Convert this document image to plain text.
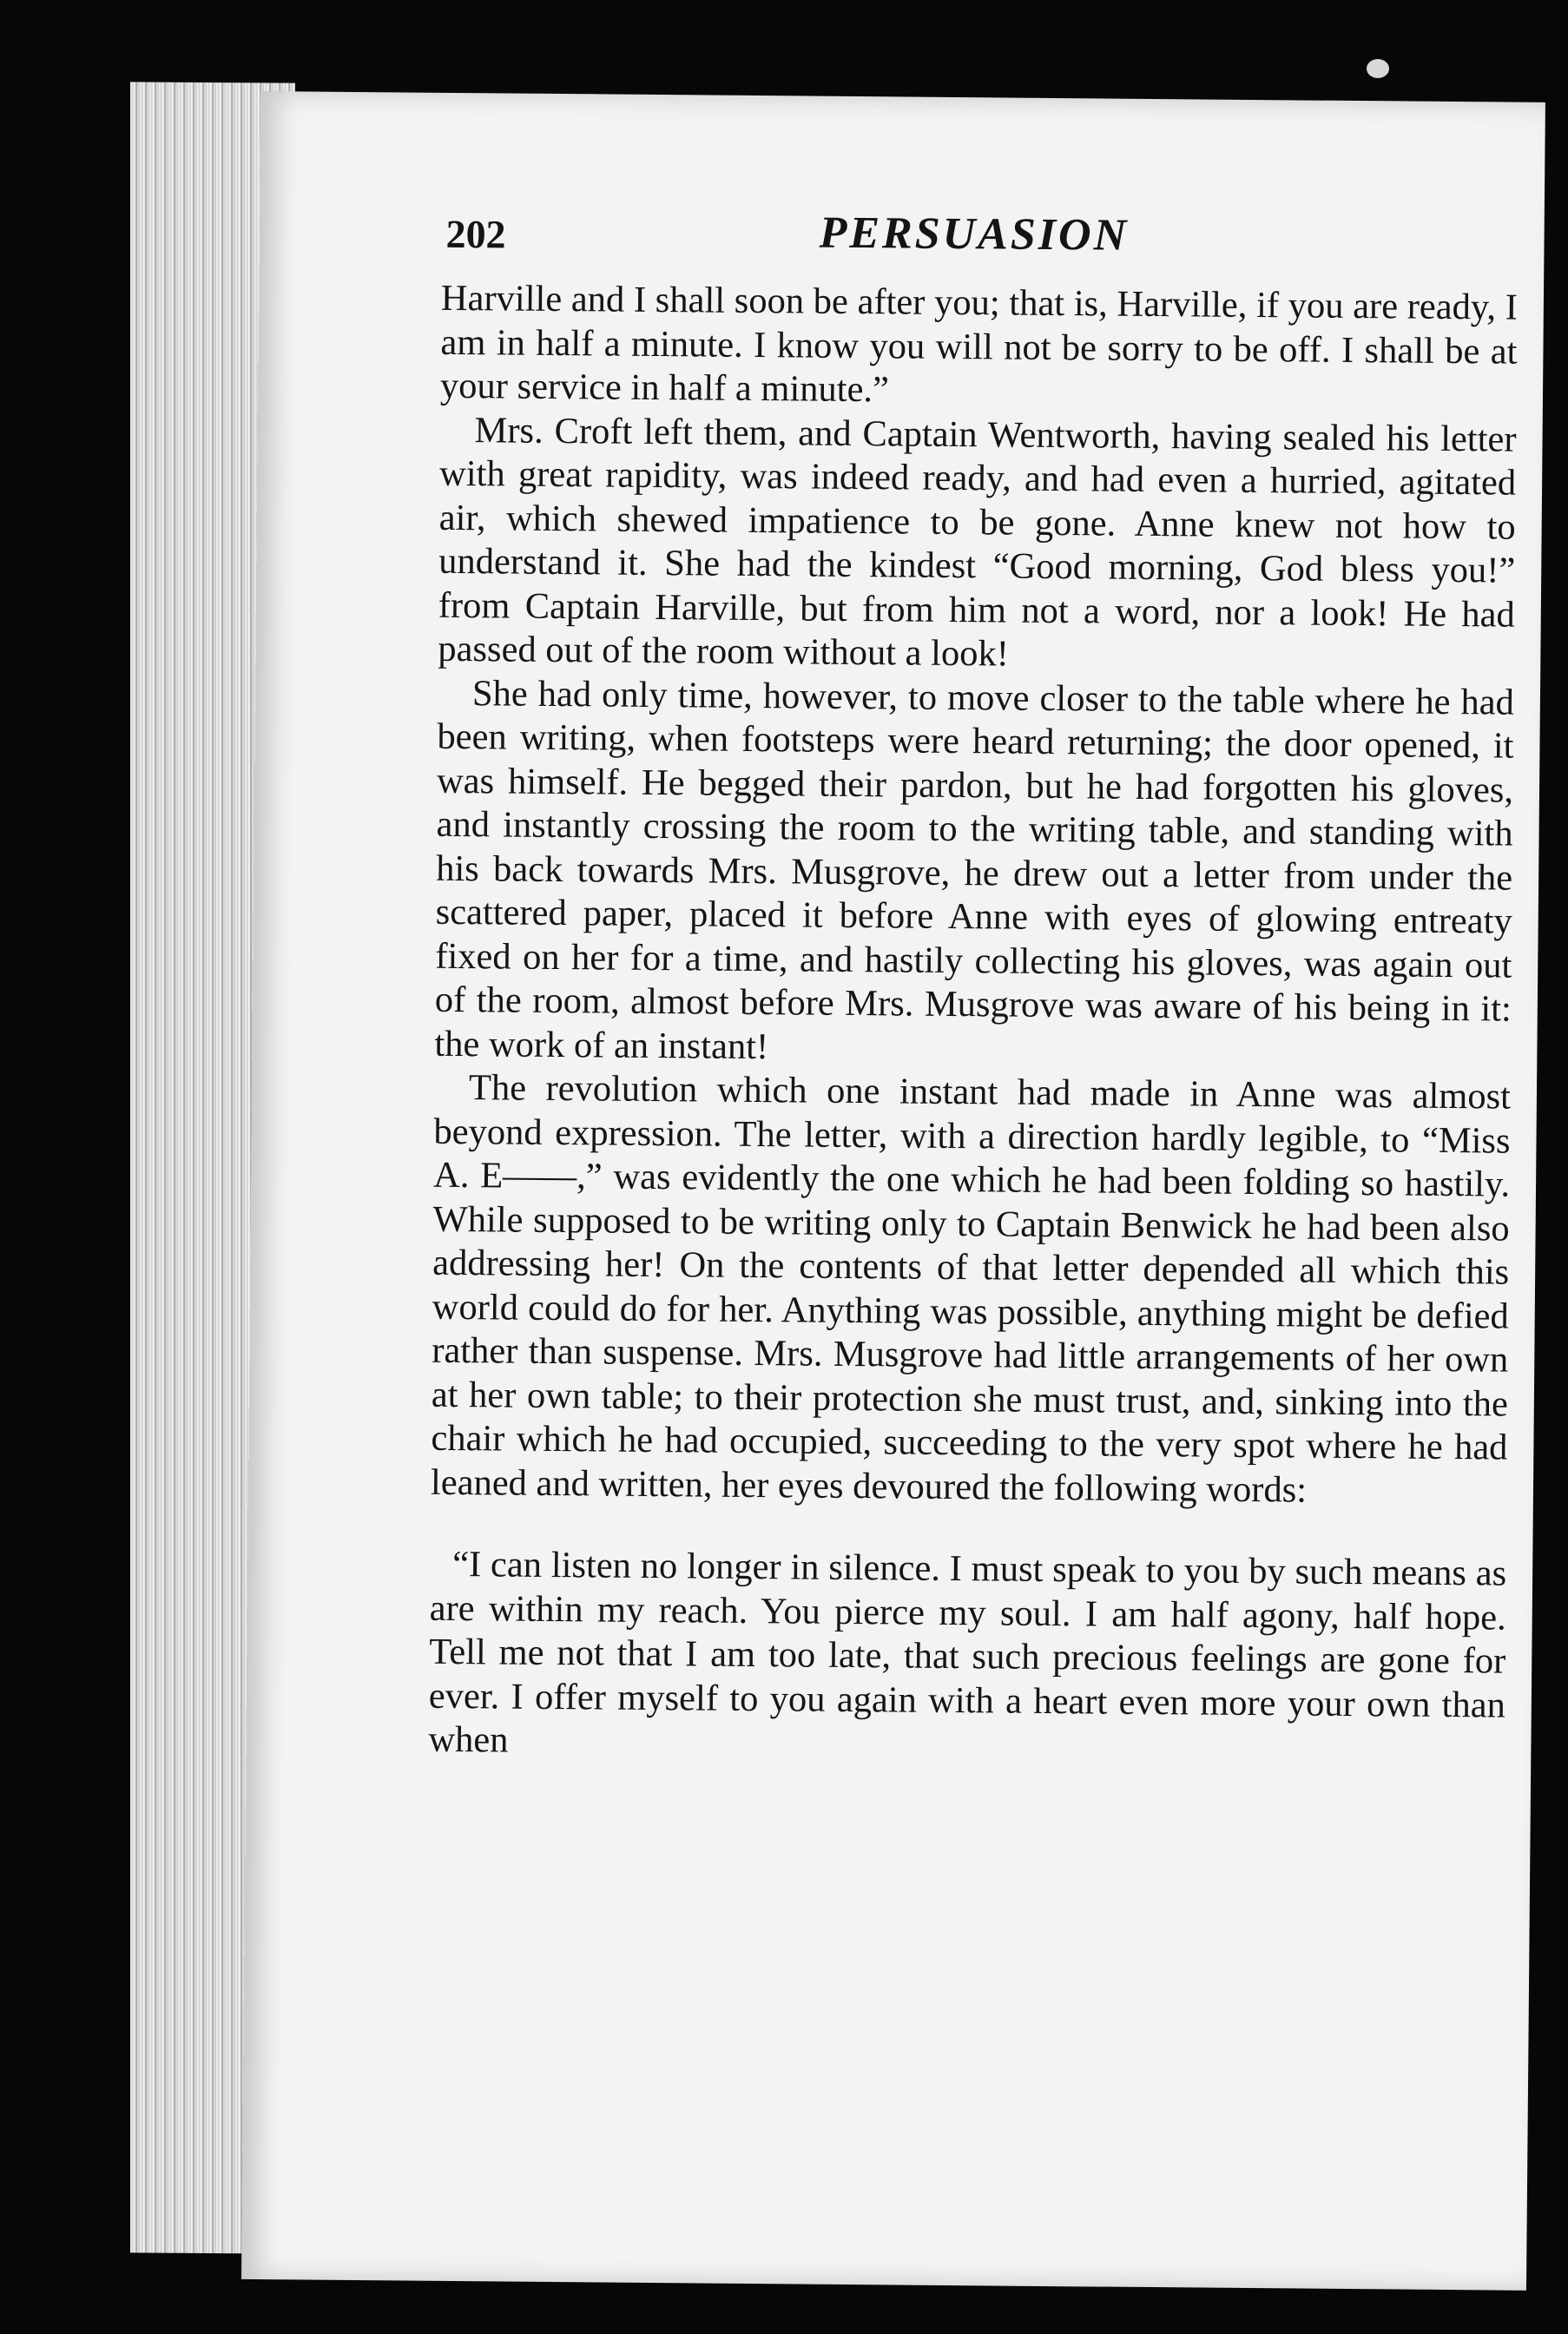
202	PERSUASION

Harville and I shall soon be after you; that is, Harville, if you are ready, I am in half a minute. I know you will not be sorry to be off. I shall be at your service in half a minute.”

Mrs. Croft left them, and Captain Wentworth, having sealed his letter with great rapidity, was indeed ready, and had even a hurried, agitated air, which shewed impatience to be gone. Anne knew not how to understand it. She had the kindest “Good morning, God bless you!” from Captain Harville, but from him not a word, nor a look! He had passed out of the room without a look!

She had only time, however, to move closer to the table where he had been writing, when footsteps were heard returning; the door opened, it was himself. He begged their pardon, but he had forgotten his gloves, and instantly crossing the room to the writing table, and standing with his back towards Mrs. Musgrove, he drew out a letter from under the scattered paper, placed it before Anne with eyes of glowing entreaty fixed on her for a time, and hastily collecting his gloves, was again out of the room, almost before Mrs. Musgrove was aware of his being in it: the work of an instant!

The revolution which one instant had made in Anne was almost beyond expression. The letter, with a direction hardly legible, to “Miss A. E——,” was evidently the one which he had been folding so hastily. While supposed to be writing only to Captain Benwick he had been also addressing her! On the contents of that letter depended all which this world could do for her. Anything was possible, anything might be defied rather than suspense. Mrs. Musgrove had little arrangements of her own at her own table; to their protection she must trust, and, sinking into the chair which he had occupied, succeeding to the very spot where he had leaned and written, her eyes devoured the following words:

“I can listen no longer in silence. I must speak to you by such means as are within my reach. You pierce my soul. I am half agony, half hope. Tell me not that I am too late, that such precious feelings are gone for ever. I offer myself to you again with a heart even more your own than when
